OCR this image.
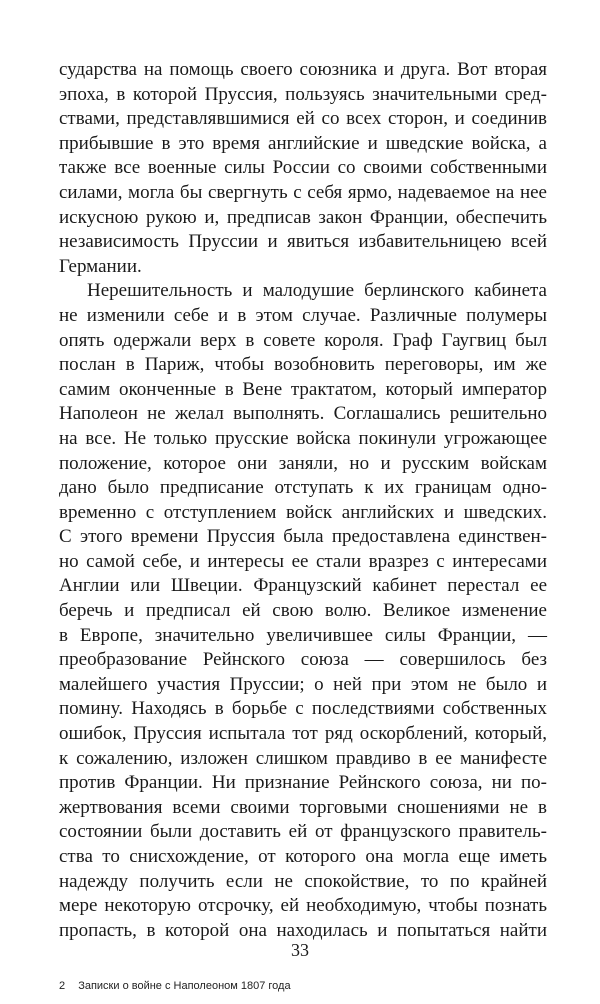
сударства на помощь своего союзника и друга. Вот вторая
эпоха, в которой Пруссия, пользуясь значительными сред-
ствами, представлявшимися ей со всех сторон, и соединив
прибывшие в это время английские и шведские войска, а
также все военные силы России со своими собственными
силами, могла бы свергнуть с себя ярмо, надеваемое на нее
искусною рукою и, предписав закон Франции, обеспечить
независимость Пруссии и явиться избавительницею всей
Германии.
Нерешительность и малодушие берлинского кабинета
не изменили себе и в этом случае. Различные полумеры
опять одержали верх в совете короля. Граф Гаугвиц был
послан в Париж, чтобы возобновить переговоры, им же
самим оконченные в Вене трактатом, который император
Наполеон не желал выполнять. Соглашались решительно
на все. Не только прусские войска покинули угрожающее
положение, которое они заняли, но и русским войскам
дано было предписание отступать к их границам одно-
временно с отступлением войск английских и шведских.
С этого времени Пруссия была предоставлена единствен-
но самой себе, и интересы ее стали вразрез с интересами
Англии или Швеции. Французский кабинет перестал ее
беречь и предписал ей свою волю. Великое изменение
в Европе, значительно увеличившее силы Франции, —
преобразование Рейнского союза — совершилось без
малейшего участия Пруссии; о ней при этом не было и
помину. Находясь в борьбе с последствиями собственных
ошибок, Пруссия испытала тот ряд оскорблений, который,
к сожалению, изложен слишком правдиво в ее манифесте
против Франции. Ни признание Рейнского союза, ни по-
жертвования всеми своими торговыми сношениями не в
состоянии были доставить ей от французского правитель-
ства то снисхождение, от которого она могла еще иметь
надежду получить если не спокойствие, то по крайней
мере некоторую отсрочку, ей необходимую, чтобы познать
пропасть, в которой она находилась и попытаться найти
33
2 Записки о войне с Наполеоном 1807 года
